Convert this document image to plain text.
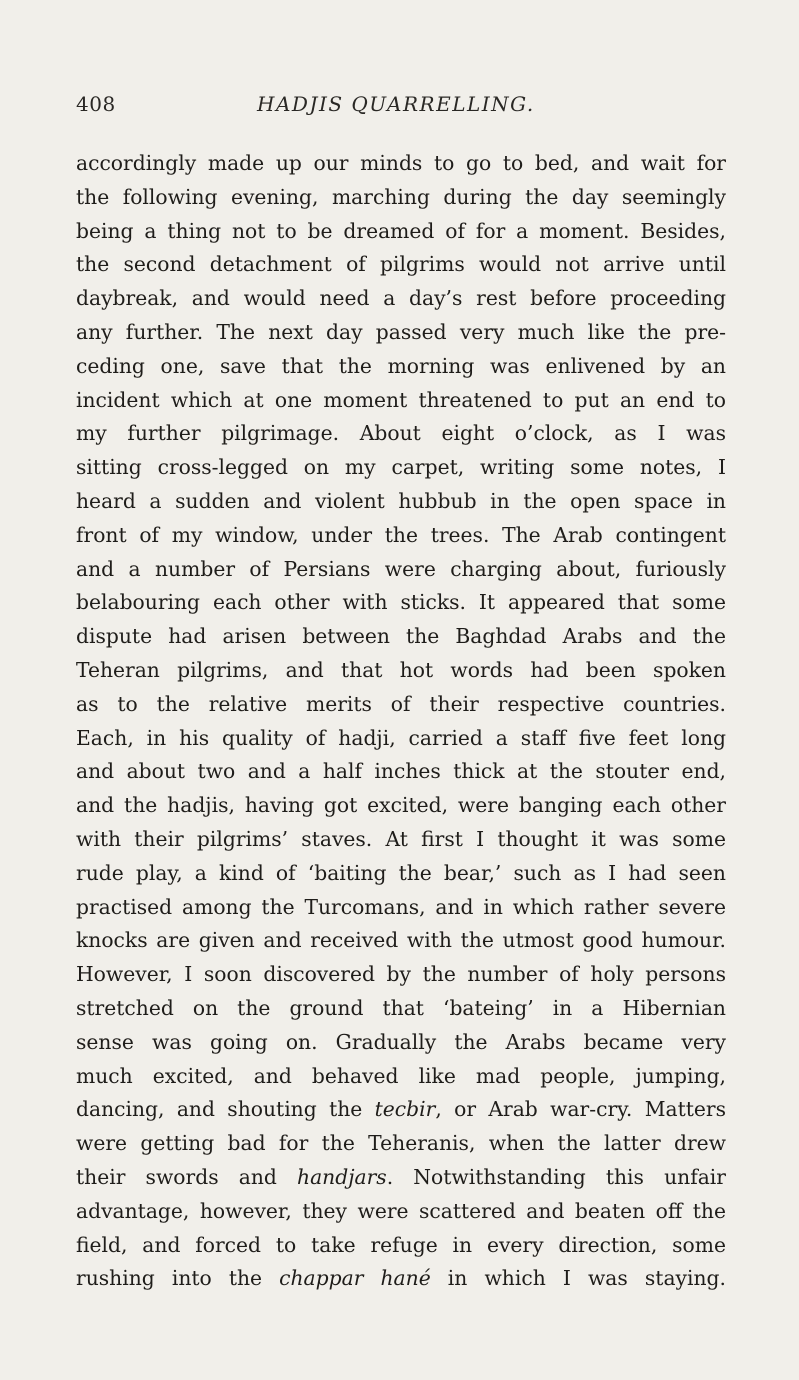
408	HADJIS QUARRELLING.
accordingly made up our minds to go to bed, and wait for
the following evening, marching during the day seemingly
being a thing not to be dreamed of for a moment. Besides,
the second detachment of pilgrims would not arrive until
daybreak, and would need a day’s rest before proceeding
any further. The next day passed very much like the pre-
ceding one, save that the morning was enlivened by an
incident which at one moment threatened to put an end to
my further pilgrimage. About eight o’clock, as I was
sitting cross-legged on my carpet, writing some notes, I
heard a sudden and violent hubbub in the open space in
front of my window, under the trees. The Arab contingent
and a number of Persians were charging about, furiously
belabouring each other with sticks. It appeared that some
dispute had arisen between the Baghdad Arabs and the
Teheran pilgrims, and that hot words had been spoken
as to the relative merits of their respective countries.
Each, in his quality of hadji, carried a staff five feet long
and about two and a half inches thick at the stouter end,
and the hadjis, having got excited, were banging each other
with their pilgrims’ staves. At first I thought it was some
rude play, a kind of ‘baiting the bear,’ such as I had seen
practised among the Turcomans, and in which rather severe
knocks are given and received with the utmost good humour.
However, I soon discovered by the number of holy persons
stretched on the ground that ‘bateing’ in a Hibernian
sense was going on. Gradually the Arabs became very
much excited, and behaved like mad people, jumping,
dancing, and shouting the tecbir, or Arab war-cry. Matters
were getting bad for the Teheranis, when the latter drew
their swords and handjars. Notwithstanding this unfair
advantage, however, they were scattered and beaten off the
field, and forced to take refuge in every direction, some
rushing into the chappar hané in which I was staying.
